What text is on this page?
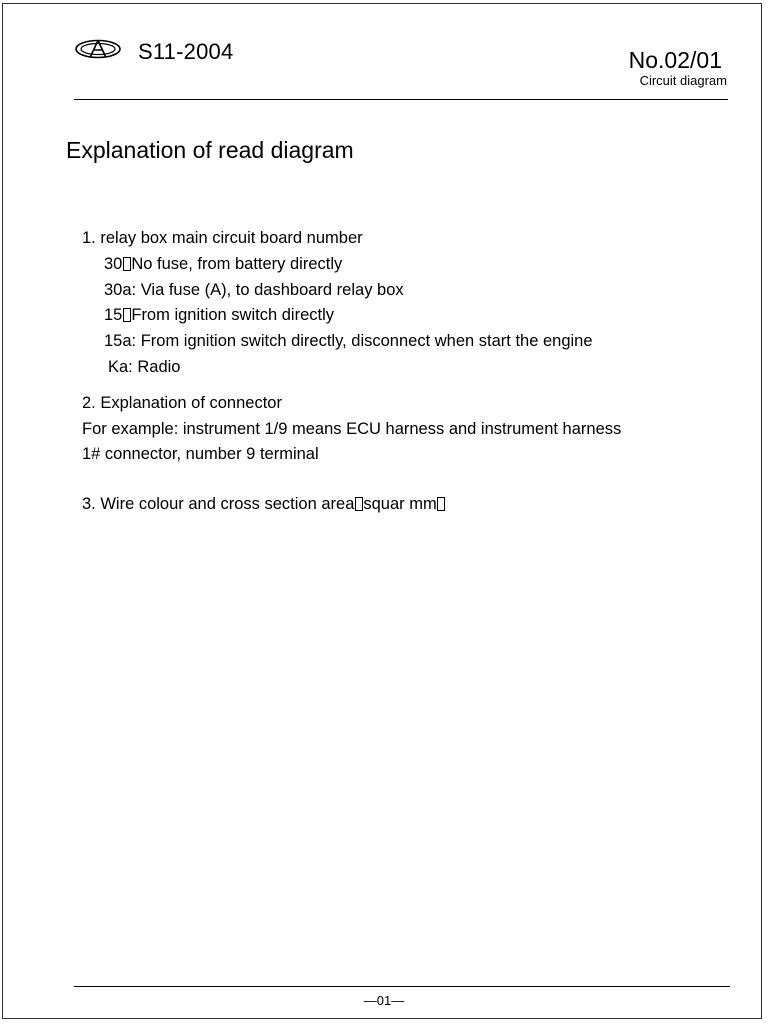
S11-2004	No.02/01
Circuit diagram
Explanation of read diagram
1. relay box main circuit board number
30 No fuse, from battery directly
30a: Via fuse (A), to dashboard relay box
15 From ignition switch directly
15a: From ignition switch directly, disconnect when start the engine
Ka: Radio
2. Explanation of connector
For example: instrument 1/9 means ECU harness and instrument harness
1# connector, number 9 terminal
3. Wire colour and cross section area squar mm
—01—
